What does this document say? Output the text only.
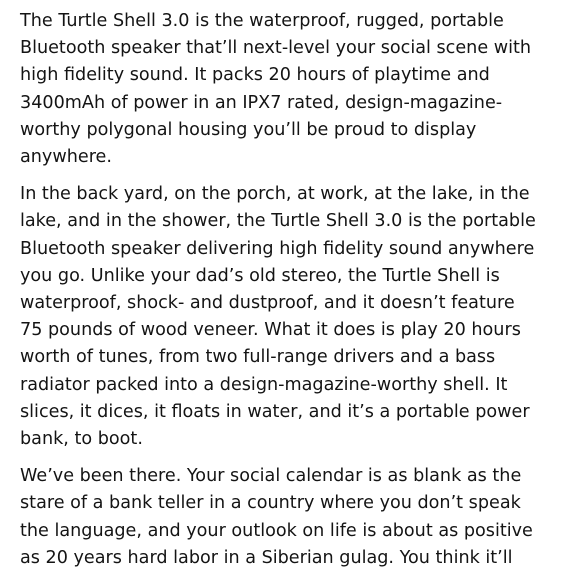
The Turtle Shell 3.0 is the waterproof, rugged, portable
Bluetooth speaker that’ll next-level your social scene with
high fidelity sound. It packs 20 hours of playtime and
3400mAh of power in an IPX7 rated, design-magazine-
worthy polygonal housing you’ll be proud to display
anywhere.

In the back yard, on the porch, at work, at the lake, in the
lake, and in the shower, the Turtle Shell 3.0 is the portable
Bluetooth speaker delivering high fidelity sound anywhere
you go. Unlike your dad’s old stereo, the Turtle Shell is
waterproof, shock- and dustproof, and it doesn’t feature
75 pounds of wood veneer. What it does is play 20 hours
worth of tunes, from two full-range drivers and a bass
radiator packed into a design-magazine-worthy shell. It
slices, it dices, it floats in water, and it’s a portable power
bank, to boot.

We’ve been there. Your social calendar is as blank as the
stare of a bank teller in a country where you don’t speak
the language, and your outlook on life is about as positive
as 20 years hard labor in a Siberian gulag. You think it’ll
